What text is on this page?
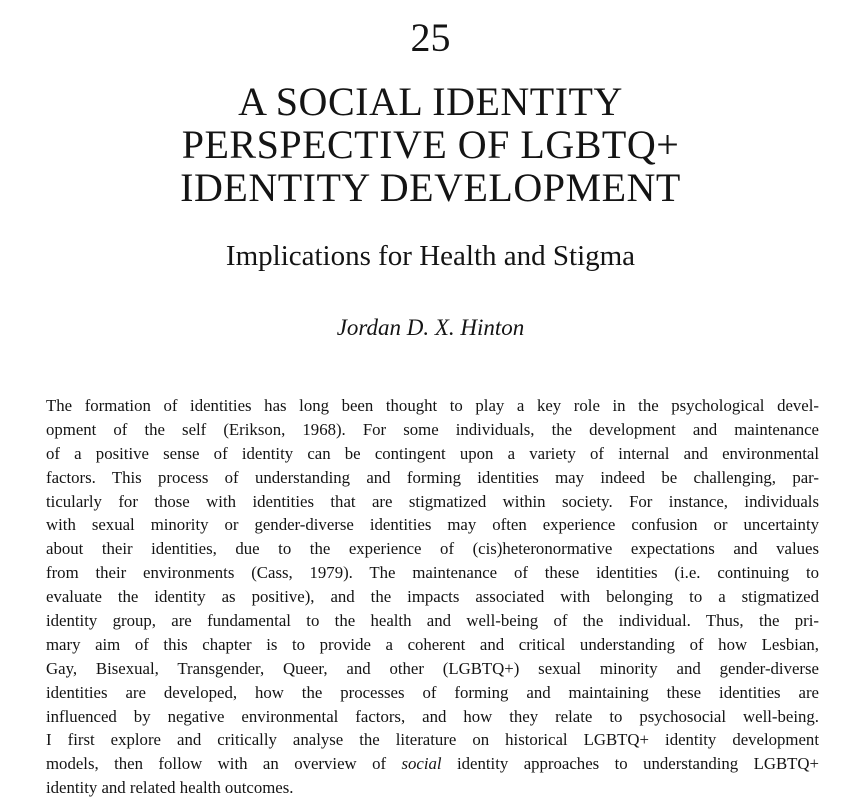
25
A SOCIAL IDENTITY
PERSPECTIVE OF LGBTQ+
IDENTITY DEVELOPMENT
Implications for Health and Stigma
Jordan D. X. Hinton
The formation of identities has long been thought to play a key role in the psychological devel-
opment of the self (Erikson, 1968). For some individuals, the development and maintenance
of a positive sense of identity can be contingent upon a variety of internal and environmental
factors. This process of understanding and forming identities may indeed be challenging, par-
ticularly for those with identities that are stigmatized within society. For instance, individuals
with sexual minority or gender-diverse identities may often experience confusion or uncertainty
about their identities, due to the experience of (cis)heteronormative expectations and values
from their environments (Cass, 1979). The maintenance of these identities (i.e. continuing to
evaluate the identity as positive), and the impacts associated with belonging to a stigmatized
identity group, are fundamental to the health and well-being of the individual. Thus, the pri-
mary aim of this chapter is to provide a coherent and critical understanding of how Lesbian,
Gay, Bisexual, Transgender, Queer, and other (LGBTQ+) sexual minority and gender-diverse
identities are developed, how the processes of forming and maintaining these identities are
influenced by negative environmental factors, and how they relate to psychosocial well-being.
I first explore and critically analyse the literature on historical LGBTQ+ identity development
models, then follow with an overview of social identity approaches to understanding LGBTQ+
identity and related health outcomes.
